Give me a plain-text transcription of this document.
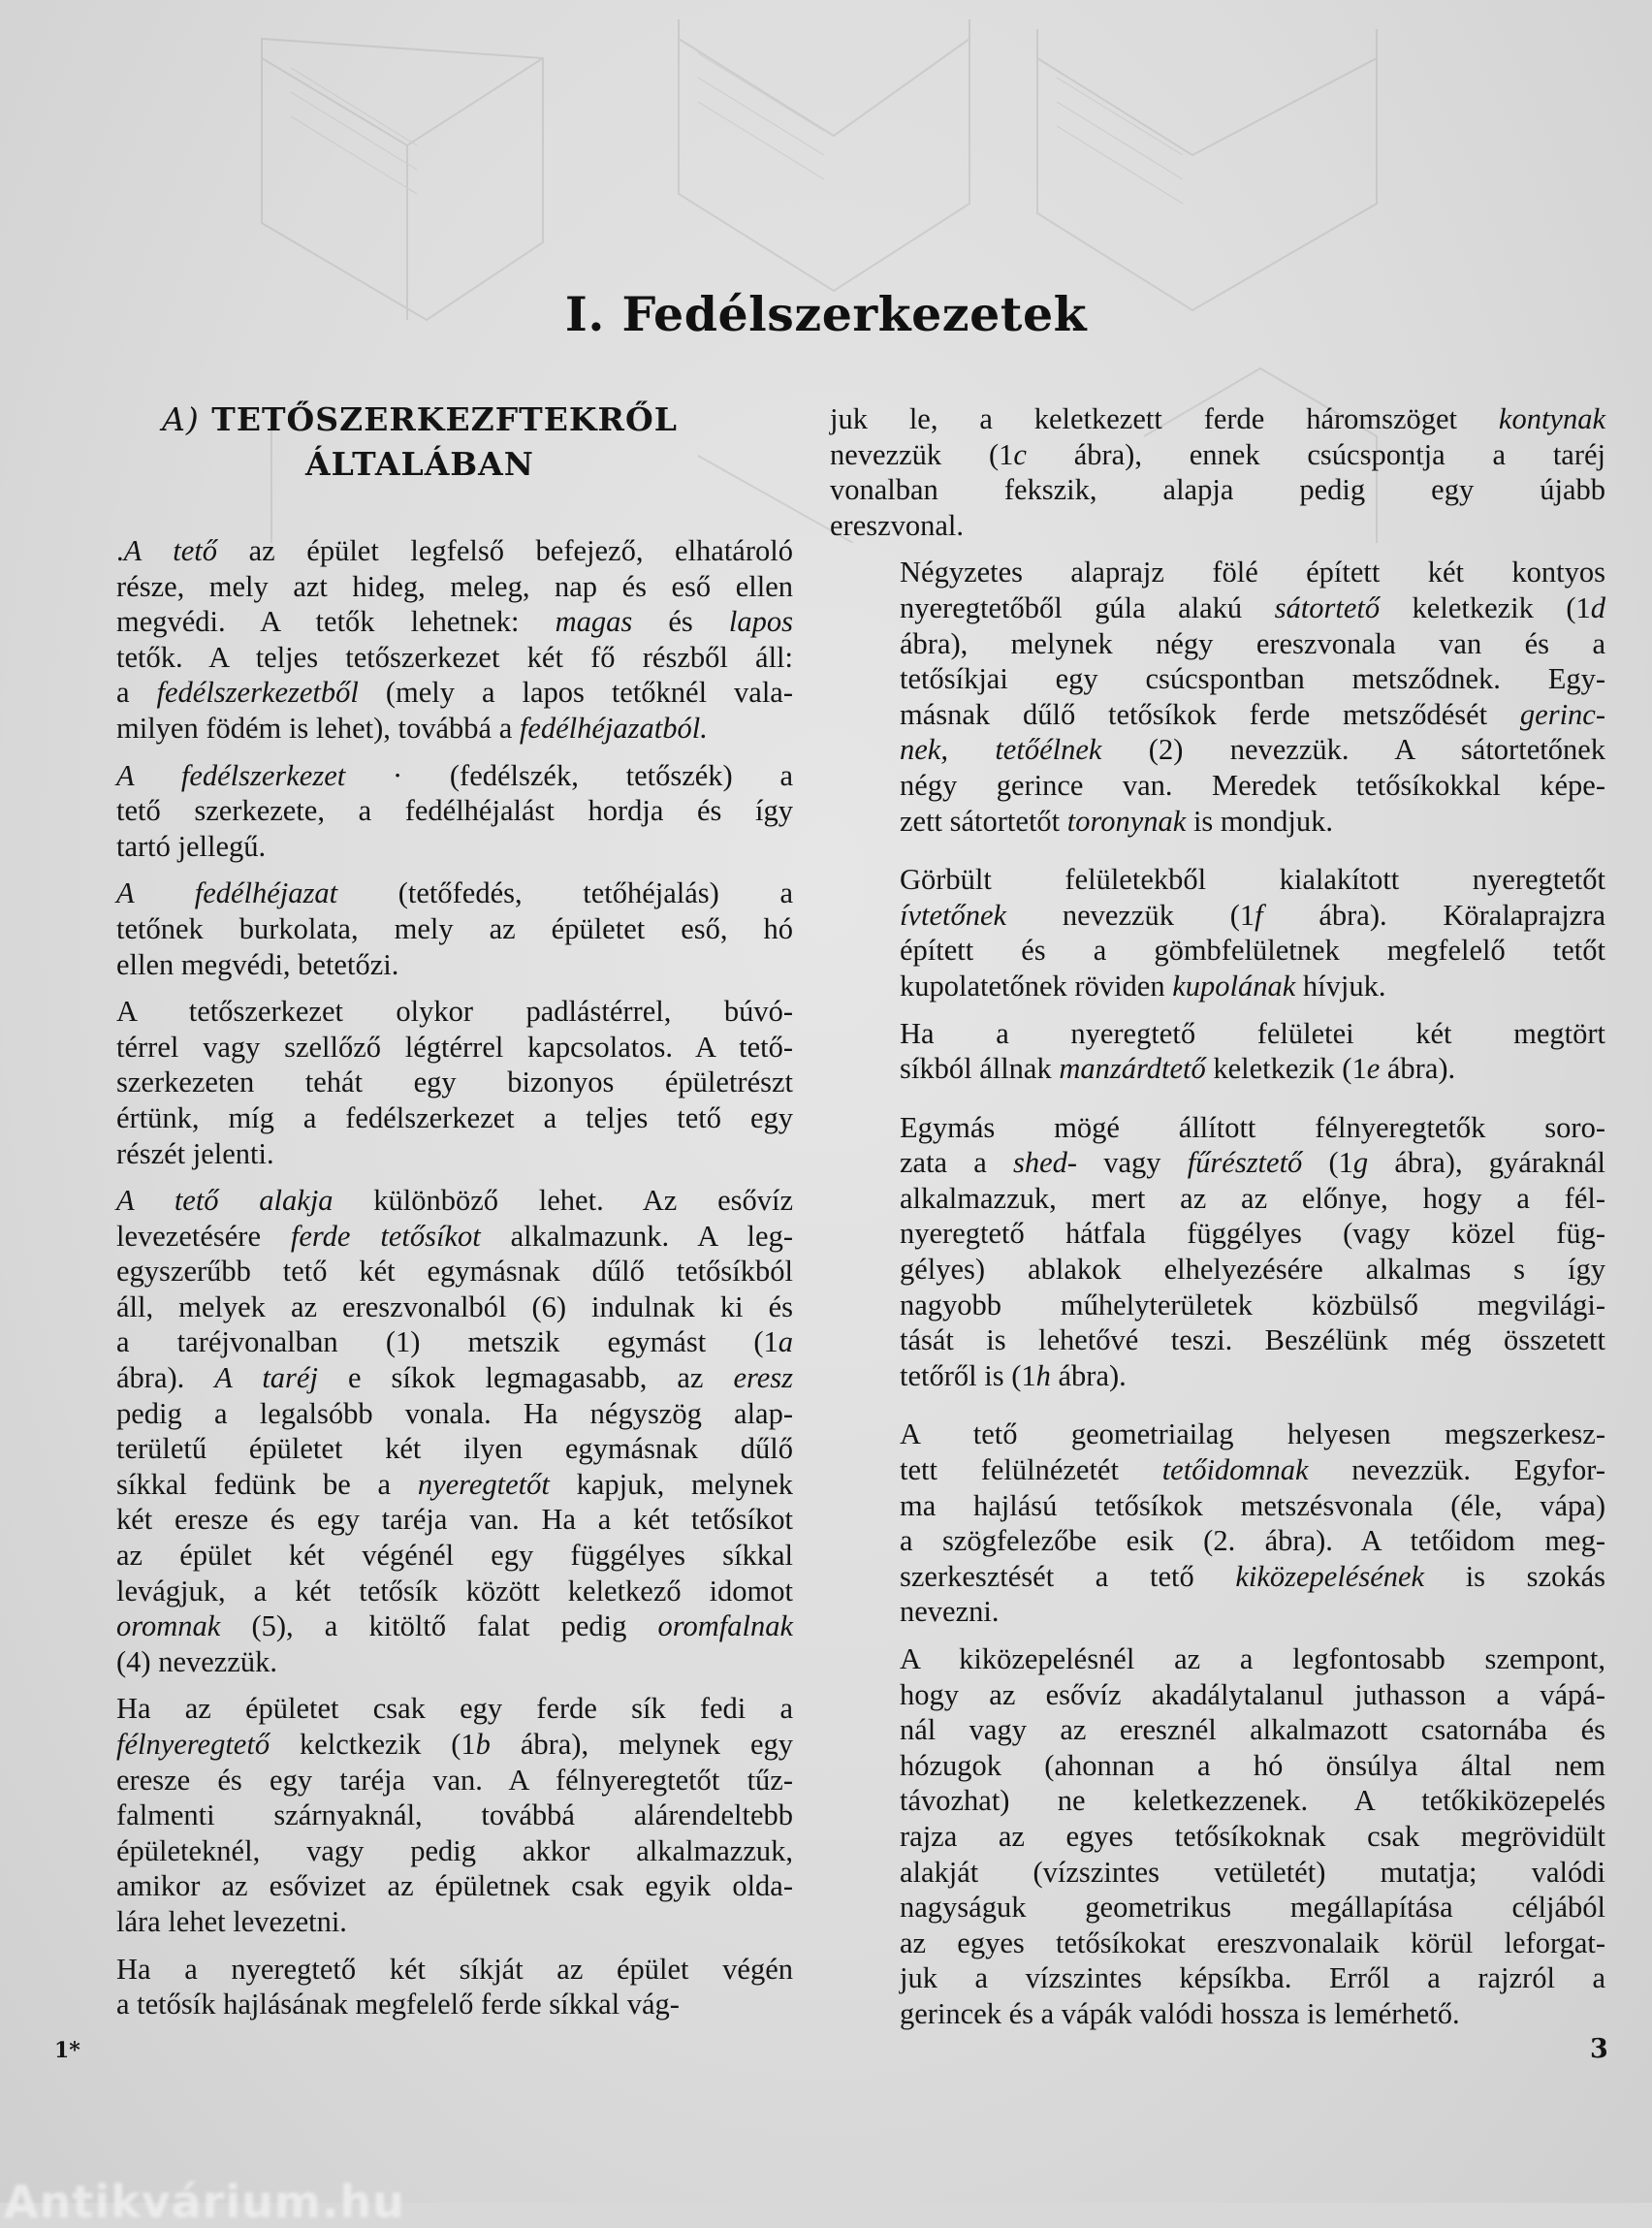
I. Fedélszerkezetek
A) TETŐSZERKEZFTEKRŐL
ÁLTALÁBAN

.A tető az épület legfelső befejező, elhatároló
része, mely azt hideg, meleg, nap és eső ellen
megvédi. A tetők lehetnek: magas és lapos
tetők. A teljes tetőszerkezet két fő részből áll:
a fedélszerkezetből (mely a lapos tetőknél vala-
milyen födém is lehet), továbbá a fedélhéjazatból.

A fedélszerkezet · (fedélszék, tetőszék) a
tető szerkezete, a fedélhéjalást hordja és így
tartó jellegű.

A fedélhéjazat (tetőfedés, tetőhéjalás) a
tetőnek burkolata, mely az épületet eső, hó
ellen megvédi, betetőzi.

A tetőszerkezet olykor padlástérrel, búvó-
térrel vagy szellőző légtérrel kapcsolatos. A tető-
szerkezeten tehát egy bizonyos épületrészt
értünk, míg a fedélszerkezet a teljes tető egy
részét jelenti.

A tető alakja különböző lehet. Az esővíz
levezetésére ferde tetősíkot alkalmazunk. A leg-
egyszerűbb tető két egymásnak dűlő tetősíkból
áll, melyek az ereszvonalból (6) indulnak ki és
a taréjvonalban (1) metszik egymást (1a
ábra). A taréj e síkok legmagasabb, az eresz
pedig a legalsóbb vonala. Ha négyszög alap-
területű épületet két ilyen egymásnak dűlő
síkkal fedünk be a nyeregtetőt kapjuk, melynek
két eresze és egy taréja van. Ha a két tetősíkot
az épület két végénél egy függélyes síkkal
levágjuk, a két tetősík között keletkező idomot
oromnak (5), a kitöltő falat pedig oromfalnak
(4) nevezzük.

Ha az épületet csak egy ferde sík fedi a
félnyeregtető kelctkezik (1b ábra), melynek egy
eresze és egy taréja van. A félnyeregtetőt tűz-
falmenti szárnyaknál, továbbá alárendeltebb
épületeknél, vagy pedig akkor alkalmazzuk,
amikor az esővizet az épületnek csak egyik olda-
lára lehet levezetni.

Ha a nyeregtető két síkját az épület végén
a tetősík hajlásának megfelelő ferde síkkal vág-

juk le, a keletkezett ferde háromszöget kontynak
nevezzük (1c ábra), ennek csúcspontja a taréj
vonalban fekszik, alapja pedig egy újabb
ereszvonal.

Négyzetes alaprajz fölé épített két kontyos
nyeregtetőből gúla alakú sátortető keletkezik (1d
ábra), melynek négy ereszvonala van és a
tetősíkjai egy csúcspontban metsződnek. Egy-
másnak dűlő tetősíkok ferde metsződését gerinc-
nek, tetőélnek (2) nevezzük. A sátortetőnek
négy gerince van. Meredek tetősíkokkal képe-
zett sátortetőt toronynak is mondjuk.

Görbült felületekből kialakított nyeregtetőt
ívtetőnek nevezzük (1f ábra). Köralaprajzra
épített és a gömbfelületnek megfelelő tetőt
kupolatetőnek röviden kupolának hívjuk.

Ha a nyeregtető felületei két megtört
síkból állnak manzárdtető keletkezik (1e ábra).

Egymás mögé állított félnyeregtetők soro-
zata a shed- vagy fűrésztető (1g ábra), gyáraknál
alkalmazzuk, mert az az előnye, hogy a fél-
nyeregtető hátfala függélyes (vagy közel füg-
gélyes) ablakok elhelyezésére alkalmas s így
nagyobb műhelyterületek közbülső megvilági-
tását is lehetővé teszi. Beszélünk még összetett
tetőről is (1h ábra).

A tető geometriailag helyesen megszerkesz-
tett felülnézetét tetőidomnak nevezzük. Egyfor-
ma hajlású tetősíkok metszésvonala (éle, vápa)
a szögfelezőbe esik (2. ábra). A tetőidom meg-
szerkesztését a tető kiközepelésének is szokás
nevezni.

A kiközepelésnél az a legfontosabb szempont,
hogy az esővíz akadálytalanul juthasson a vápá-
nál vagy az eresznél alkalmazott csatornába és
hózugok (ahonnan a hó önsúlya által nem
távozhat) ne keletkezzenek. A tetőkiközepelés
rajza az egyes tetősíkoknak csak megrövidült
alakját (vízszintes vetületét) mutatja; valódi
nagyságuk geometrikus megállapítása céljából
az egyes tetősíkokat ereszvonalaik körül leforgat-
juk a vízszintes képsíkba. Erről a rajzról a
gerincek és a vápák valódi hossza is lemérhető.

1*	3
Antikvárium.hu
